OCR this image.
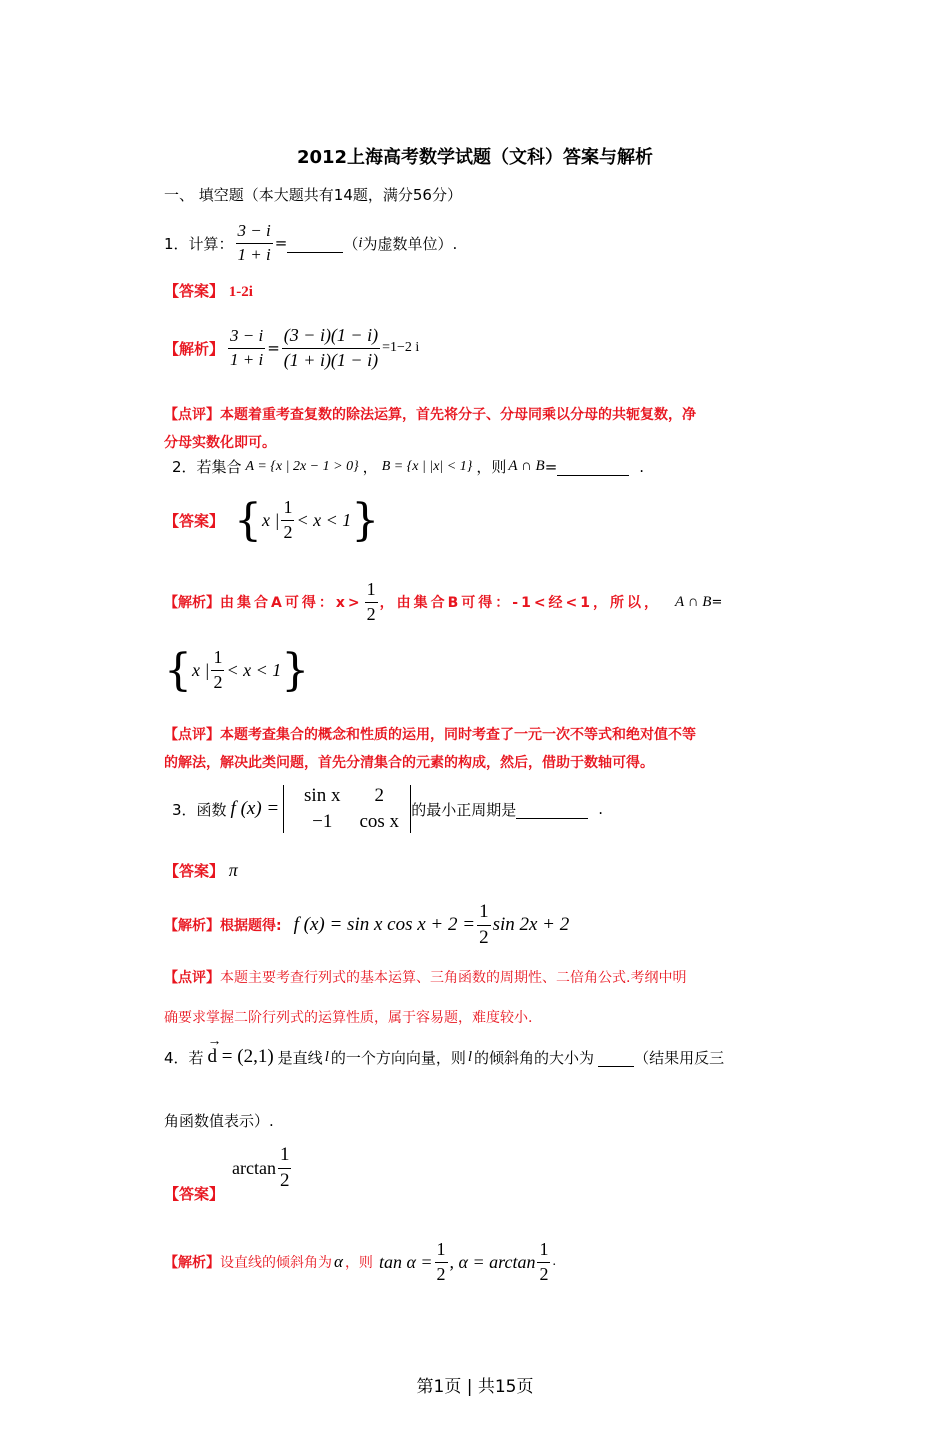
2012上海高考数学试题（文科）答案与解析
一、 填空题（本大题共有14题，满分56分）
1．计算： $\frac{3 - i}{1 + i}$ =
	（ i 为虚数单位）.
【答案】 1-2i
【解析】 $\frac{3 - i}{1 + i} = \frac{(3 - i)(1 - i)}{(1 + i)(1 - i)} =1-2$ i
【点评】本题着重考查复数的除法运算，首先将分子、分母同乘以分母的共轭复数，净
分母实数化即可。
2．若集合 A = {x | 2x − 1 > 0} ， B = {x | |x| < 1} ，则 A ∩ B =
	.
【答案】 { x | $\frac{1}{2} < x < 1$ }
【解析】 由集合A可得：$x> \frac{1}{2}$ ，由集合B可得：-1<经<1，所以， A ∩ B =
{ x | $\frac{1}{2} < x < 1$ }
【点评】本题考查集合的概念和性质的运用，同时考查了一元一次不等式和绝对值不等
的解法，解决此类问题，首先分清集合的元素的构成，然后，借助于数轴可得。
3．函数 f (x) =
sin x	2
−1	cos x
的最小正周期是
	.
【答案】 π
【解析】 根据题得: f (x) = sin x $\cos x + 2 = \frac{1}{2}$ sin 2x + 2
【点评】本题主要考查行列式的基本运算、三角函数的周期性、二倍角公式.考纲中明
确要求掌握二阶行列式的运算性质，属于容易题，难度较小.
4．若
→
d = (2,1) 是直线 l 的一个方向向量，则 l 的倾斜角的大小为
	（结果用反三
角函数值表示）.
$\arctan \frac{1}{2}$
【答案】
【解析】 设直线的倾斜角为 α ，则 $\tan \alpha = \frac{1}{2}$ , $\alpha = \arctan \frac{1}{2}$ .
第1页 | 共15页
